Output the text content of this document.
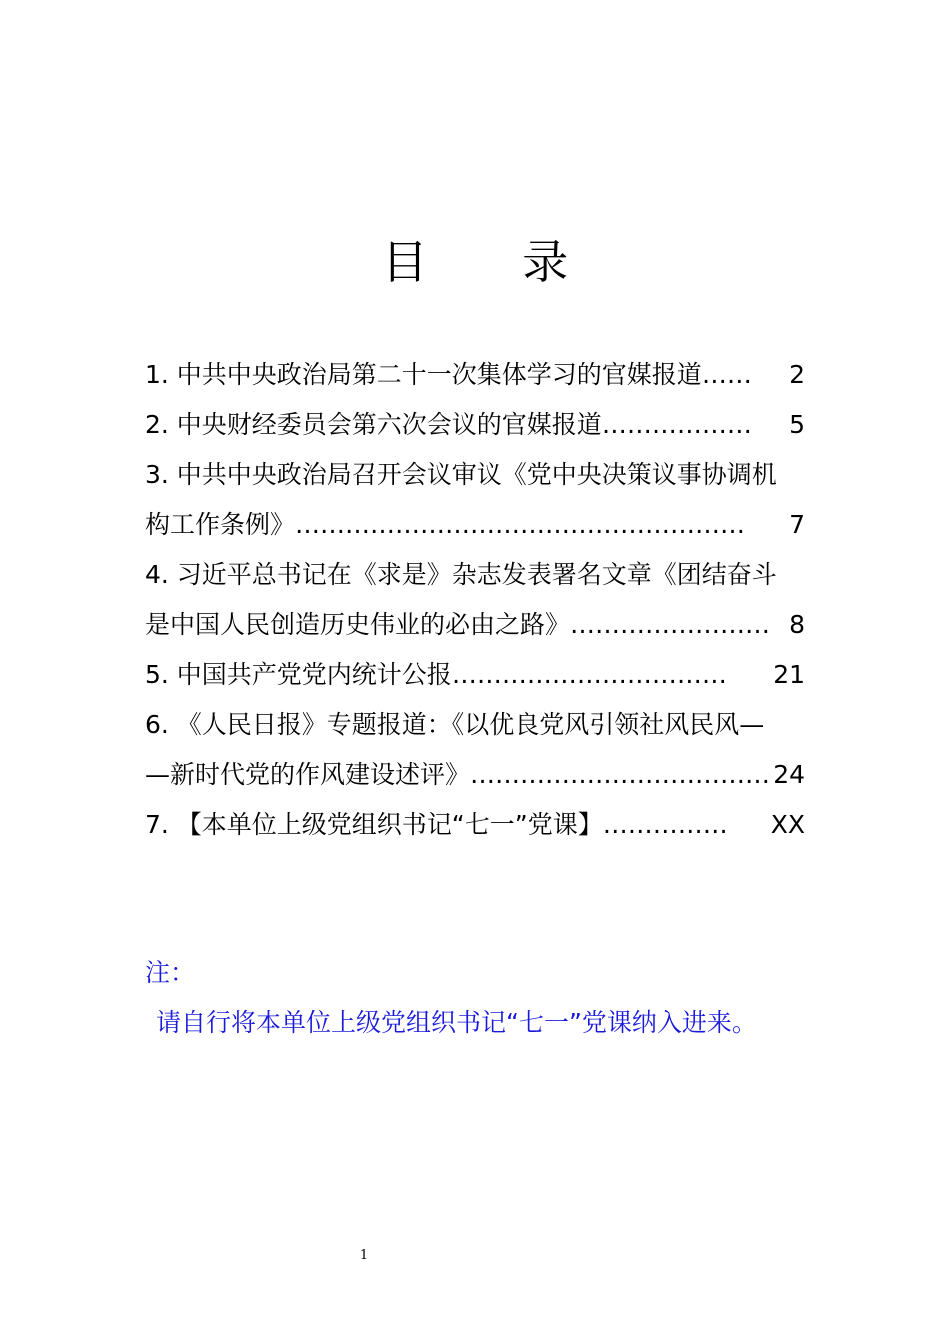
目 录
1. 中共中央政治局第二十一次集体学习的官媒报道 ……	2
2. 中央财经委员会第六次会议的官媒报道 ………………	5
3. 中共中央政治局召开会议审议《党中央决策议事协调机
构工作条例》 ………………………………………………	7
4. 习近平总书记在《求是》杂志发表署名文章《团结奋斗
是中国人民创造历史伟业的必由之路》 …………………… 8
5. 中国共产党党内统计公报 ……………………………	21
6. 《人民日报》专题报道：《以优良党风引领社风民风—
—新时代党的作风建设述评》 ……………………………… 24
7. 【本单位上级党组织书记“七一”党课】 ……………	XX
注：
请自行将本单位上级党组织书记“七一”党课纳入进来。
1
